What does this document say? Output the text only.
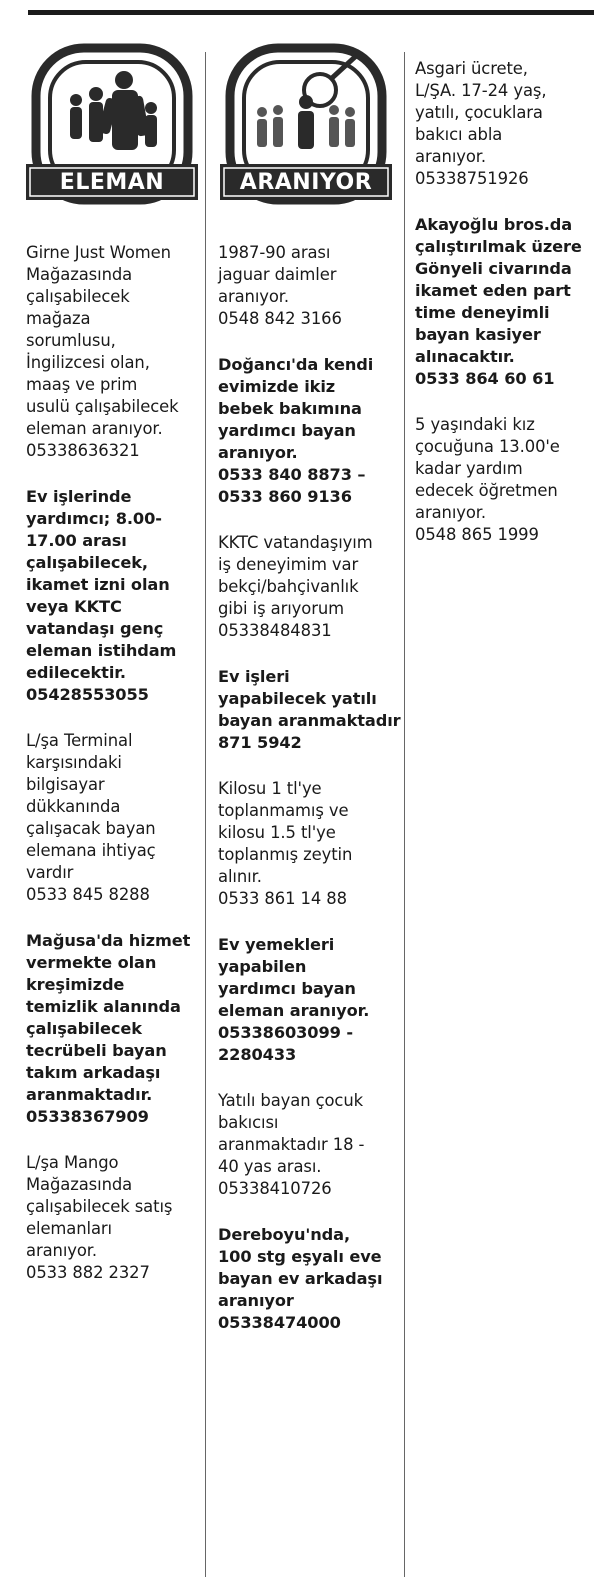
ELEMAN	ARANIYOR
Girne Just Women
Mağazasında
çalışabilecek
mağaza
sorumlusu,
İngilizcesi olan,
maaş ve prim
usulü çalışabilecek
eleman aranıyor.
05338636321
Ev işlerinde
yardımcı; 8.00-
17.00 arası
çalışabilecek,
ikamet izni olan
veya KKTC
vatandaşı genç
eleman istihdam
edilecektir.
05428553055
L/şa Terminal
karşısındaki
bilgisayar
dükkanında
çalışacak bayan
elemana ihtiyaç
vardır
0533 845 8288
Mağusa'da hizmet
vermekte olan
kreşimizde
temizlik alanında
çalışabilecek
tecrübeli bayan
takım arkadaşı
aranmaktadır.
05338367909
L/şa Mango
Mağazasında
çalışabilecek satış
elemanları
aranıyor.
0533 882 2327
1987-90 arası
jaguar daimler
aranıyor.
0548 842 3166
Doğancı'da kendi
evimizde ikiz
bebek bakımına
yardımcı bayan
aranıyor.
0533 840 8873 –
0533 860 9136
KKTC vatandaşıyım
iş deneyimim var
bekçi/bahçivanlık
gibi iş arıyorum
05338484831
Ev işleri
yapabilecek yatılı
bayan aranmaktadır
871 5942
Kilosu 1 tl'ye
toplanmamış ve
kilosu 1.5 tl'ye
toplanmış zeytin
alınır.
0533 861 14 88
Ev yemekleri
yapabilen
yardımcı bayan
eleman aranıyor.
05338603099 -
2280433
Yatılı bayan çocuk
bakıcısı
aranmaktadır 18 -
40 yas arası.
05338410726
Dereboyu'nda,
100 stg eşyalı eve
bayan ev arkadaşı
aranıyor
05338474000
Asgari ücrete,
L/ŞA. 17-24 yaş,
yatılı, çocuklara
bakıcı abla
aranıyor.
05338751926
Akayoğlu bros.da
çalıştırılmak üzere
Gönyeli civarında
ikamet eden part
time deneyimli
bayan kasiyer
alınacaktır.
0533 864 60 61
5 yaşındaki kız
çocuğuna 13.00'e
kadar yardım
edecek öğretmen
aranıyor.
0548 865 1999
